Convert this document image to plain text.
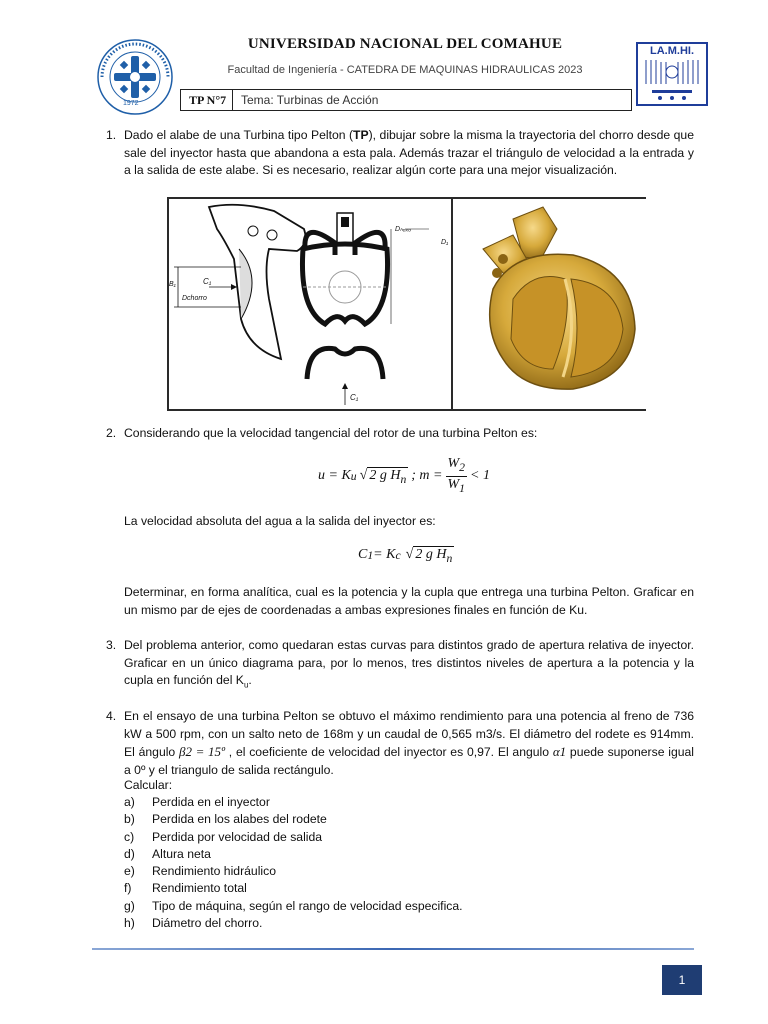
1972
LA.M.HI.
UNIVERSIDAD NACIONAL DEL COMAHUE
Facultad de Ingeniería - CATEDRA DE MAQUINAS HIDRAULICAS 2023
TP N°7	Tema: Turbinas de Acción
1. Dado el alabe de una Turbina tipo Pelton (TP), dibujar sobre la misma la trayectoria del chorro desde que sale del inyector hasta que abandona a esta pala. Además trazar el triángulo de velocidad a la entrada y a la salida de este alabe. Si es necesario, realizar algún corte para una mejor visualización.
C₁
B₁
Dchorro
Dₕₒₓₒ
D₁
C₁
2. Considerando que la velocidad tangencial del rotor de una turbina Pelton es:
u = K u √ 2 g $H_n$ ; $m = \frac{W_2}{W_1} < 1$
La velocidad absoluta del agua a la salida del inyector es:
C 1 = K c √ 2 g $H_n$
Determinar, en forma analítica, cual es la potencia y la cupla que entrega una turbina Pelton. Graficar en un mismo par de ejes de coordenadas a ambas expresiones finales en función de Ku.
3. Del problema anterior, como quedaran estas curvas para distintos grado de apertura relativa de inyector. Graficar en un único diagrama para, por lo menos, tres distintos niveles de apertura a la potencia y la cupla en función del $K_u$.
4. En el ensayo de una turbina Pelton se obtuvo el máximo rendimiento para una potencia al freno de 736 kW a 500 rpm, con un salto neto de 168m y un caudal de 0,565 m3/s. El diámetro del rodete es 914mm. El ángulo β2 = 15º , el coeficiente de velocidad del inyector es 0,97. El angulo α1 puede suponerse igual a 0º y el triangulo de salida rectángulo.
Calcular:
a) Perdida en el inyector
b) Perdida en los alabes del rodete
c) Perdida por velocidad de salida
d) Altura neta
e) Rendimiento hidráulico
f) Rendimiento total
g) Tipo de máquina, según el rango de velocidad especifica.
h) Diámetro del chorro.
1
